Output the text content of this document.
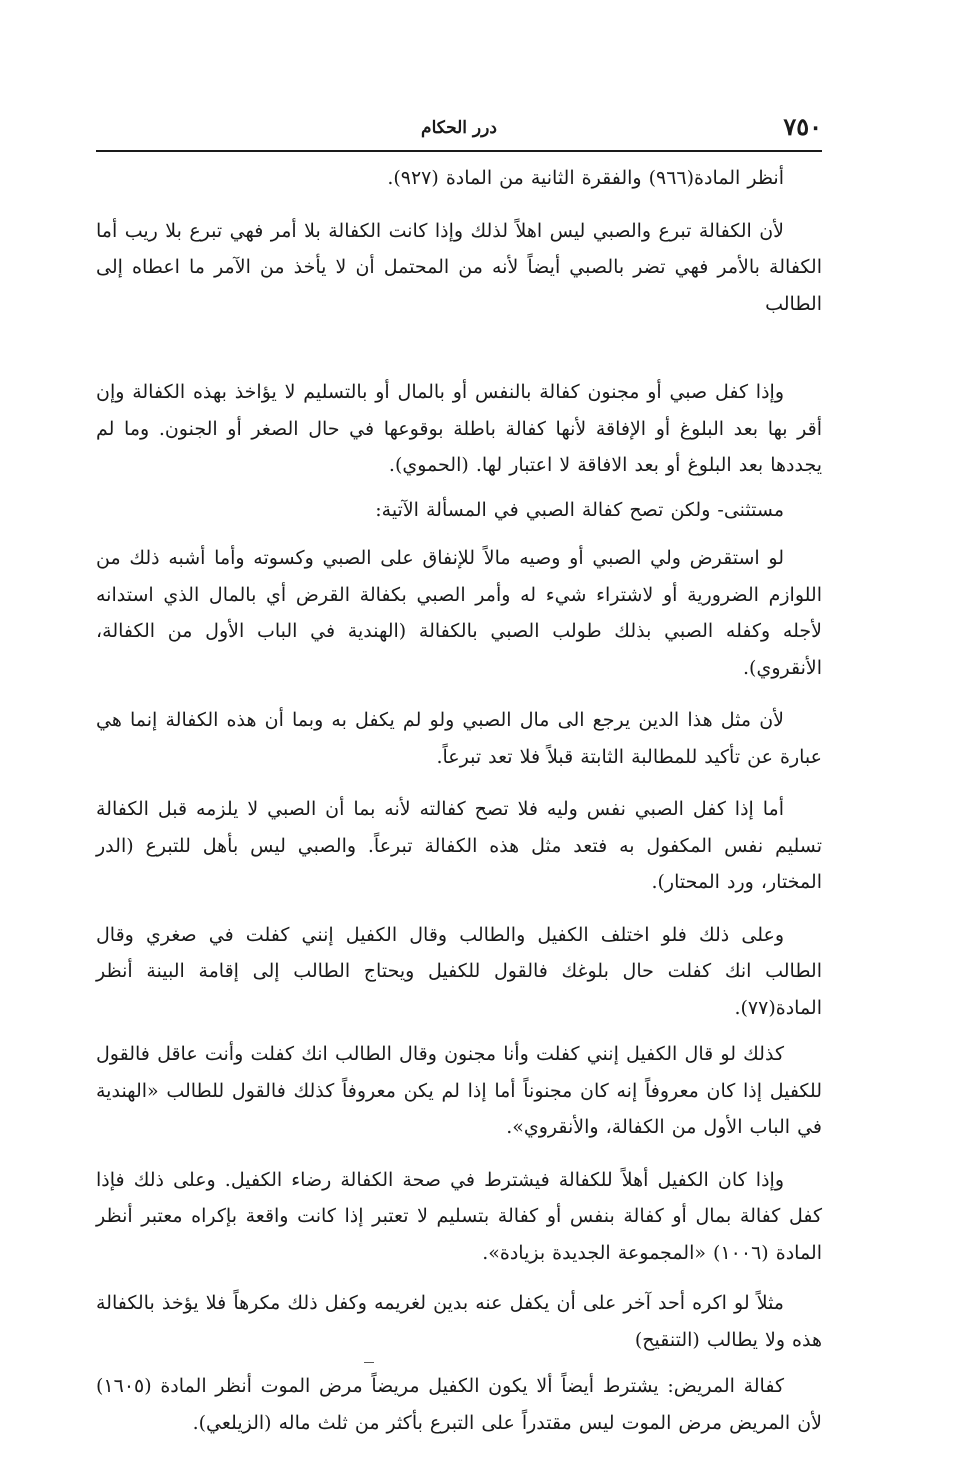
٧٥٠
درر الحكام

أنظر المادة(٩٦٦) والفقرة الثانية من المادة (٩٢٧).

لأن الكفالة تبرع والصبي ليس اهلاً لذلك وإذا كانت الكفالة بلا أمر فهي تبرع بلا ريب أما الكفالة بالأمر فهي تضر بالصبي أيضاً لأنه من المحتمل أن لا يأخذ من الآمر ما اعطاه إلى الطالب

وإذا كفل صبي أو مجنون كفالة بالنفس أو بالمال أو بالتسليم لا يؤاخذ بهذه الكفالة وإن أقر بها بعد البلوغ أو الإفاقة لأنها كفالة باطلة بوقوعها في حال الصغر أو الجنون. وما لم يجددها بعد البلوغ أو بعد الافاقة لا اعتبار لها. (الحموي).

مستثنى- ولكن تصح كفالة الصبي في المسألة الآتية:

لو استقرض ولي الصبي أو وصيه مالاً للإنفاق على الصبي وكسوته وأما أشبه ذلك من اللوازم الضرورية أو لاشتراء شيء له وأمر الصبي بكفالة القرض أي بالمال الذي استدانه لأجله وكفله الصبي بذلك طولب الصبي بالكفالة (الهندية في الباب الأول من الكفالة، الأنقروي).

لأن مثل هذا الدين يرجع الى مال الصبي ولو لم يكفل به وبما أن هذه الكفالة إنما هي عبارة عن تأكيد للمطالبة الثابتة قبلاً فلا تعد تبرعاً.

أما إذا كفل الصبي نفس وليه فلا تصح كفالته لأنه بما أن الصبي لا يلزمه قبل الكفالة تسليم نفس المكفول به فتعد مثل هذه الكفالة تبرعاً. والصبي ليس بأهل للتبرع (الدر المختار، ورد المحتار).

وعلى ذلك فلو اختلف الكفيل والطالب وقال الكفيل إنني كفلت في صغري وقال الطالب انك كفلت حال بلوغك فالقول للكفيل ويحتاج الطالب إلى إقامة البينة أنظر المادة(٧٧).

كذلك لو قال الكفيل إنني كفلت وأنا مجنون وقال الطالب انك كفلت وأنت عاقل فالقول للكفيل إذا كان معروفاً إنه كان مجنوناً أما إذا لم يكن معروفاً كذلك فالقول للطالب «الهندية في الباب الأول من الكفالة، والأنقروي».

وإذا كان الكفيل أهلاً للكفالة فيشترط في صحة الكفالة رضاء الكفيل. وعلى ذلك فإذا كفل كفالة بمال أو كفالة بنفس أو كفالة بتسليم لا تعتبر إذا كانت واقعة بإكراه معتبر أنظر المادة (١٠٠٦) «المجموعة الجديدة بزيادة».

مثلاً لو اكره أحد آخر على أن يكفل عنه بدين لغريمه وكفل ذلك مكرهاً فلا يؤخذ بالكفالة هذه ولا يطالب (التنقيح)

كفالة المريض: يشترط أيضاً ألا يكون الكفيل مريضاً مرض الموت أنظر المادة (١٦٠٥) لأن المريض مرض الموت ليس مقتدراً على التبرع بأكثر من ثلث ماله (الزيلعي).
